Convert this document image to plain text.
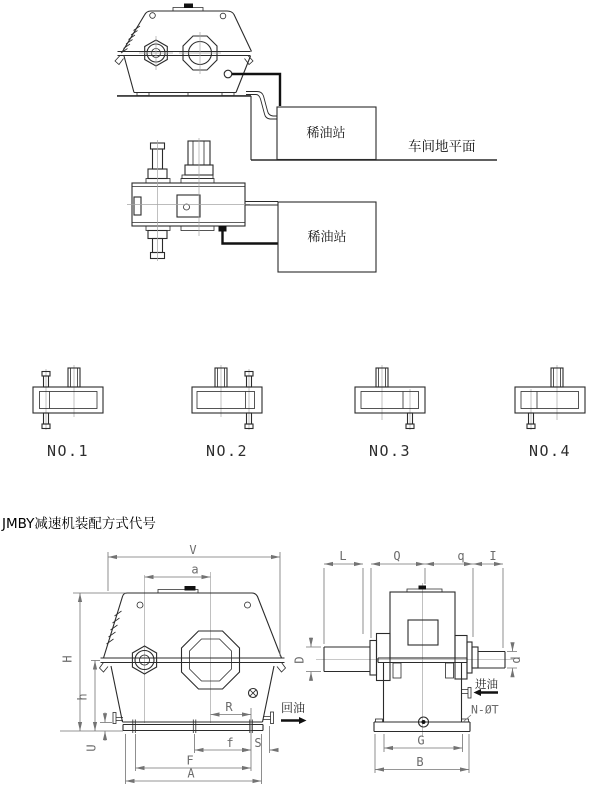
稀油站
车间地平面
稀油站
NO.1	NO.2	NO.3	NO.4
JMBY减速机装配方式代号
V
a
H
h
U
R
f S
F
A
回油
L	Q	q I
D	d
进油
N-ØT
G
B
